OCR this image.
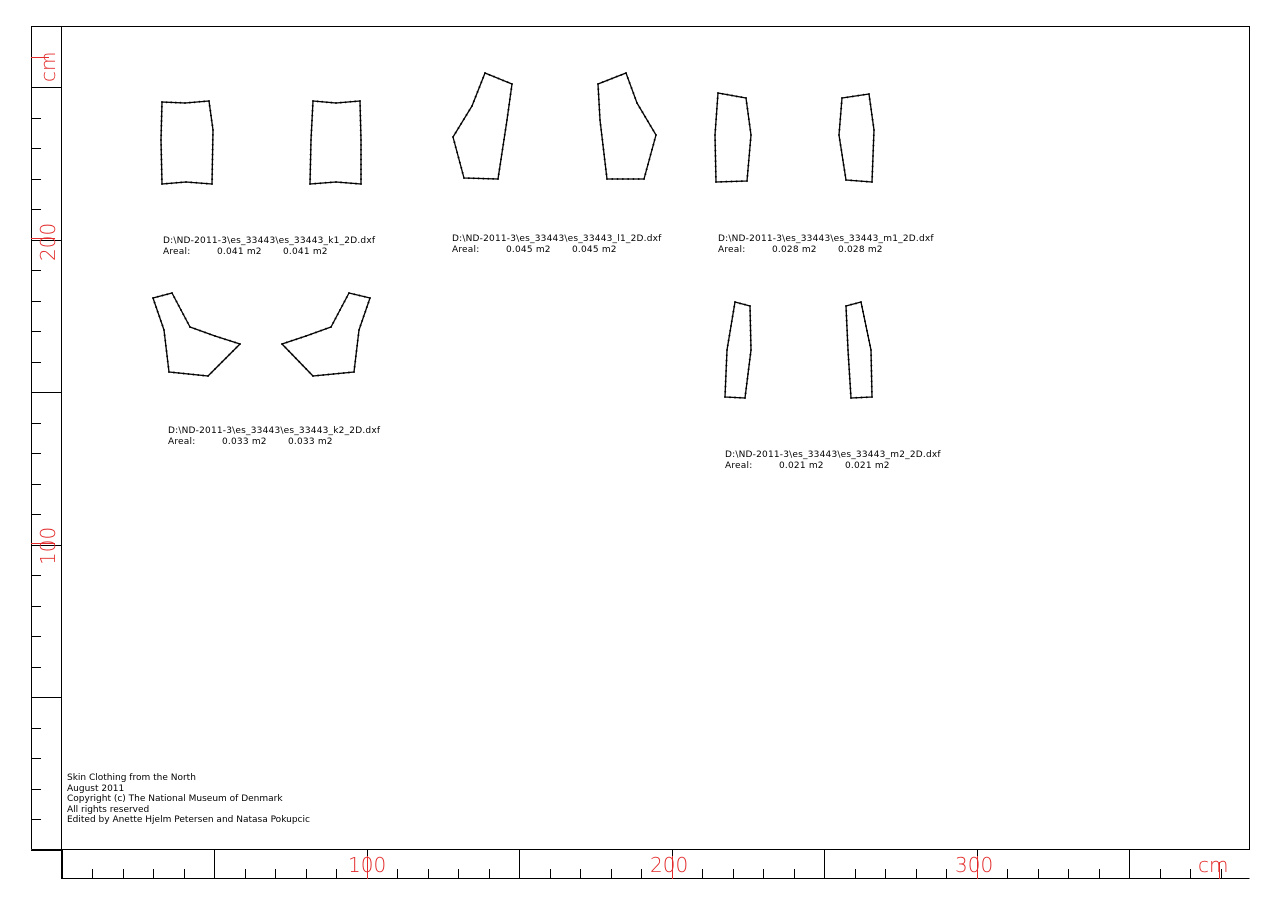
cm
100	200	300
cm
200
100
D:\ND-2011-3\es_33443\es_33443_k1_2D.dxf
Areal:	0.041 m2 0.041 m2
D:\ND-2011-3\es_33443\es_33443_l1_2D.dxf
Areal:	0.045 m2 0.045 m2
D:\ND-2011-3\es_33443\es_33443_m1_2D.dxf
Areal:	0.028 m2 0.028 m2
D:\ND-2011-3\es_33443\es_33443_k2_2D.dxf
Areal:	0.033 m2 0.033 m2
D:\ND-2011-3\es_33443\es_33443_m2_2D.dxf
Areal:	0.021 m2 0.021 m2
Skin Clothing from the North
August 2011
Copyright (c) The National Museum of Denmark
All rights reserved
Edited by Anette Hjelm Petersen and Natasa Pokupcic
